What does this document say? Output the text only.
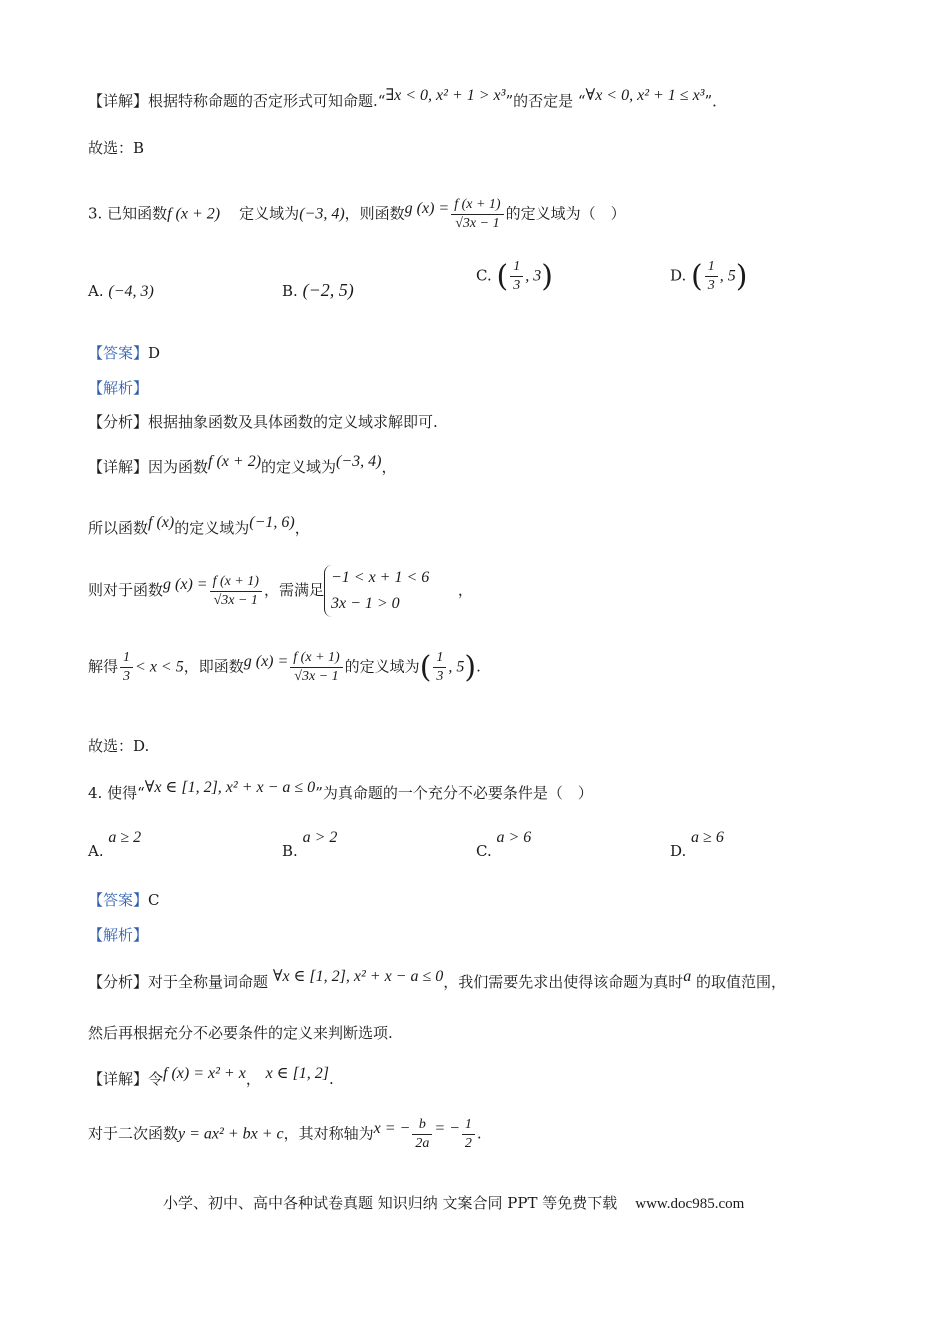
【详解】根据特称命题的否定形式可知命题.“∃x < 0, x² + 1 > x³”的否定是 “∀x < 0, x² + 1 ≤ x³”．
故选：B
3. 已知函数f (x + 2) 定义域为(−3, 4)，则函数g $(x) = \frac{f (x + 1)}{√3x - 1}$ 的定义域为（　）
A. (−4, 3)	B. (−2, 5)
C. ( $\frac{1}{3}$ , 3)	D. ( $\frac{1}{3}$ , 5)
【答案】D
【解析】
【分析】根据抽象函数及具体函数的定义域求解即可.
【详解】因为函数f (x + 2)的定义域为(−3, 4)，
所以函数f (x)的定义域为(−1, 6)，
则对于函数g $(x) = \frac{f (x + 1)}{√3x - 1}$ ，需满足−1 < x + 1 < 6
3x − 1 > 0      ，
解得 $\frac{1}{3} < x < 5$，即函数g $(x) = \frac{f (x + 1)}{√3x - 1}$ 的定义域为( $\frac{1}{3}$ , 5).
故选：D.
4. 使得“∀x ∈ [1, 2], x² + x − a ≤ 0”为真命题的一个充分不必要条件是（　）
A. a ≥ 2
B. a > 2
C. a > 6
D. a ≥ 6
【答案】C
【解析】
【分析】对于全称量词命题 ∀x ∈ [1, 2], x² + x − a ≤ 0，我们需要先求出使得该命题为真时a 的取值范围，
然后再根据充分不必要条件的定义来判断选项.
【详解】令f (x) = x² + x， x ∈ [1, 2].
对于二次函数y = ax² + bx + c，其对称轴为x = − $\frac{b}{2a}$ = − $\frac{1}{2}$ .
小学、初中、高中各种试卷真题 知识归纳 文案合同 PPT 等免费下载 www.doc985.com
